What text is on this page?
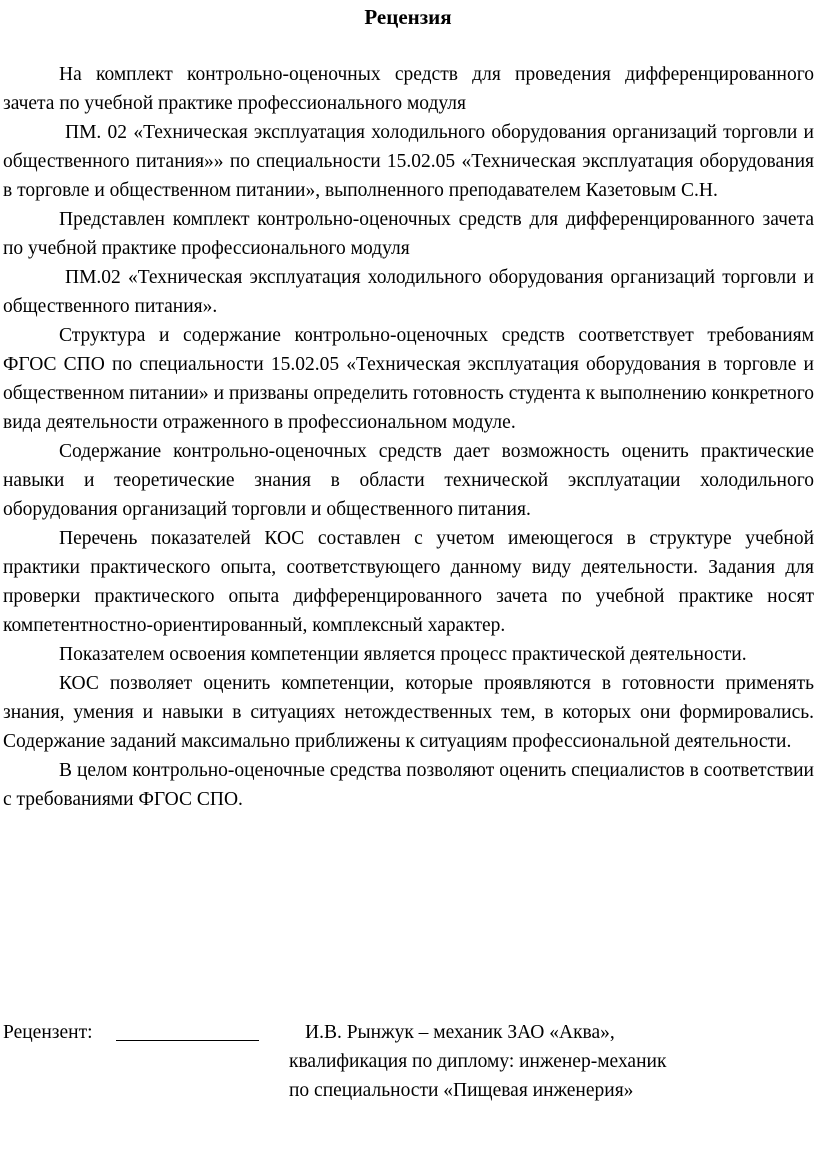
Рецензия

На комплект контрольно-оценочных средств для проведения дифференцированного зачета по учебной практике профессионального модуля

ПМ. 02 «Техническая эксплуатация холодильного оборудования организаций торговли и общественного питания»» по специальности 15.02.05 «Техническая эксплуатация оборудования в торговле и общественном питании», выполненного преподавателем Казетовым С.Н.

Представлен комплект контрольно-оценочных средств для дифференцированного зачета по учебной практике профессионального модуля

ПМ.02 «Техническая эксплуатация холодильного оборудования организаций торговли и общественного питания».

Структура и содержание контрольно-оценочных средств соответствует требованиям ФГОС СПО по специальности 15.02.05 «Техническая эксплуатация оборудования в торговле и общественном питании» и призваны определить готовность студента к выполнению конкретного вида деятельности отраженного в профессиональном модуле.

Содержание контрольно-оценочных средств дает возможность оценить практические навыки и теоретические знания в области технической эксплуатации холодильного оборудования организаций торговли и общественного питания.

Перечень показателей КОС составлен с учетом имеющегося в структуре учебной практики практического опыта, соответствующего данному виду деятельности. Задания для проверки практического опыта дифференцированного зачета по учебной практике носят компетентностно-ориентированный, комплексный характер.

Показателем освоения компетенции является процесс практической деятельности.

КОС позволяет оценить компетенции, которые проявляются в готовности применять знания, умения и навыки в ситуациях нетождественных тем, в которых они формировались. Содержание заданий максимально приближены к ситуациям профессиональной деятельности.

В целом контрольно-оценочные средства позволяют оценить специалистов в соответствии с требованиями ФГОС СПО.

Рецензент:	И.В. Рынжук – механик ЗАО «Аква»,
квалификация по диплому: инженер-механик
по специальности «Пищевая инженерия»
